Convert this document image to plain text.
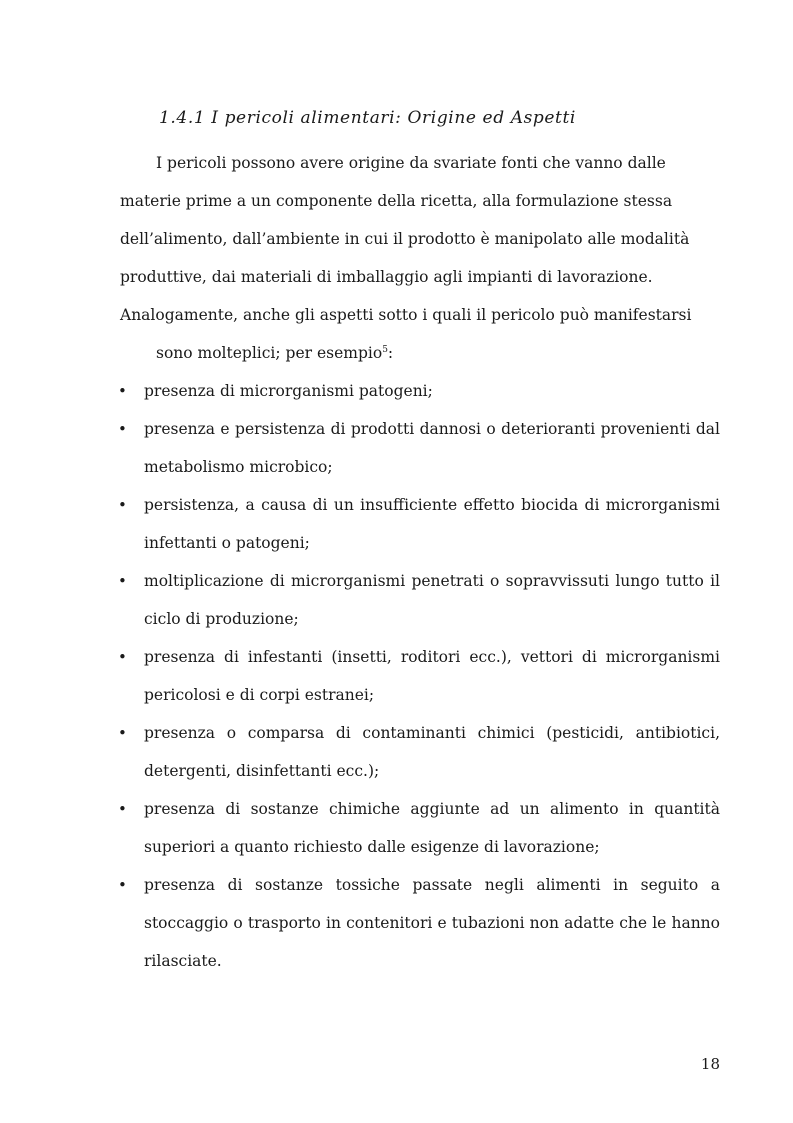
1.4.1 I pericoli alimentari: Origine ed Aspetti
I pericoli possono avere origine da svariate fonti che vanno dalle
materie prime a un componente della ricetta, alla formulazione stessa
dell’alimento, dall’ambiente in cui il prodotto è manipolato alle modalità
produttive, dai materiali di imballaggio agli impianti di lavorazione.
Analogamente, anche gli aspetti sotto i quali il pericolo può manifestarsi
sono molteplici; per esempio$^5$:
• presenza di microrganismi patogeni;
• presenza e persistenza di prodotti dannosi o deterioranti provenienti dal
metabolismo microbico;
• persistenza, a causa di un insufficiente effetto biocida di microrganismi
infettanti o patogeni;
• moltiplicazione di microrganismi penetrati o sopravvissuti lungo tutto il
ciclo di produzione;
• presenza di infestanti (insetti, roditori ecc.), vettori di microrganismi
pericolosi e di corpi estranei;
• presenza o comparsa di contaminanti chimici (pesticidi, antibiotici,
detergenti, disinfettanti ecc.);
• presenza di sostanze chimiche aggiunte ad un alimento in quantità
superiori a quanto richiesto dalle esigenze di lavorazione;
• presenza di sostanze tossiche passate negli alimenti in seguito a
stoccaggio o trasporto in contenitori e tubazioni non adatte che le hanno
rilasciate.
18
